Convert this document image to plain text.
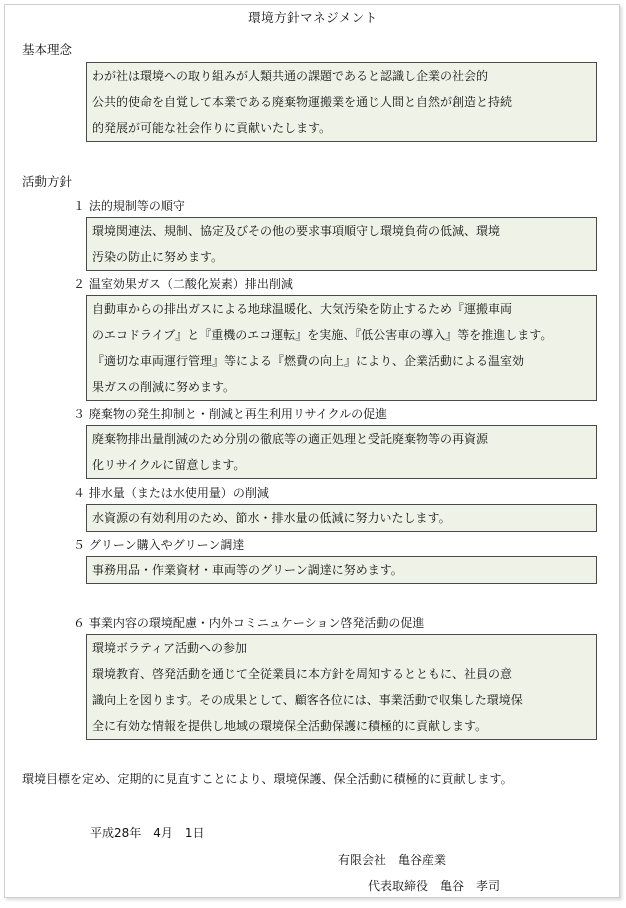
環境方針マネジメント
基本理念

わが社は環境への取り組みが人類共通の課題であると認識し企業の社会的

公共的使命を自覚して本業である廃棄物運搬業を通じ人間と自然が創造と持続

的発展が可能な社会作りに貢献いたします。

活動方針
１ 法的規制等の順守

環境関連法、規制、協定及びその他の要求事項順守し環境負荷の低減、環境

汚染の防止に努めます。

２ 温室効果ガス（二酸化炭素）排出削減

自動車からの排出ガスによる地球温暖化、大気汚染を防止するため『運搬車両

のエコドライブ』と『重機のエコ運転』を実施、『低公害車の導入』等を推進します。

『適切な車両運行管理』等による『燃費の向上』により、企業活動による温室効

果ガスの削減に努めます。

３ 廃棄物の発生抑制と・削減と再生利用リサイクルの促進

廃棄物排出量削減のため分別の徹底等の適正処理と受託廃棄物等の再資源

化リサイクルに留意します。

４ 排水量（または水使用量）の削減

水資源の有効利用のため、節水・排水量の低減に努力いたします。

５ グリーン購入やグリーン調達

事務用品・作業資材・車両等のグリーン調達に努めます。

６ 事業内容の環境配慮・内外コミニュケーション啓発活動の促進

環境ボラティア活動への参加

環境教育、啓発活動を通じて全従業員に本方針を周知するとともに、社員の意

識向上を図ります。その成果として、顧客各位には、事業活動で収集した環境保

全に有効な情報を提供し地域の環境保全活動保護に積極的に貢献します。

環境目標を定め、定期的に見直すことにより、環境保護、保全活動に積極的に貢献します。
平成28年　4月　1日
有限会社　亀谷産業
代表取締役　亀谷　孝司
